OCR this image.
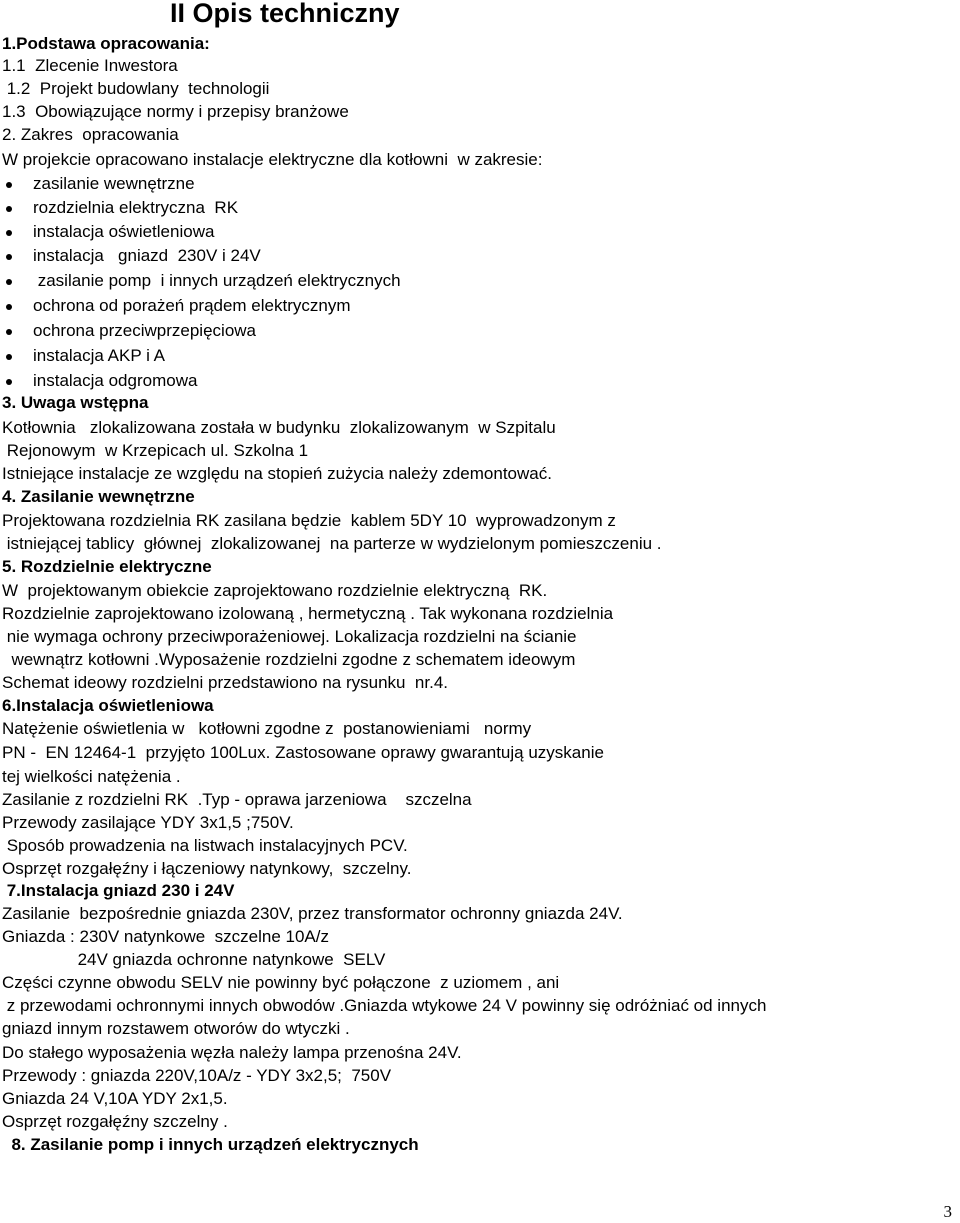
II Opis techniczny
1.Podstawa opracowania:
1.1  Zlecenie Inwestora
1.2  Projekt budowlany  technologii
1.3  Obowiązujące normy i przepisy branżowe
2. Zakres  opracowania
W projekcie opracowano instalacje elektryczne dla kotłowni  w zakresie:
zasilanie wewnętrzne
rozdzielnia elektryczna  RK
instalacja oświetleniowa
instalacja   gniazd  230V i 24V
zasilanie pomp  i innych urządzeń elektrycznych
ochrona od porażeń prądem elektrycznym
ochrona przeciwprzepięciowa
instalacja AKP i A
instalacja odgromowa
3. Uwaga wstępna
Kotłownia   zlokalizowana została w budynku  zlokalizowanym  w Szpitalu
Rejonowym  w Krzepicach ul. Szkolna 1
Istniejące instalacje ze względu na stopień zużycia należy zdemontować.
4. Zasilanie wewnętrzne
Projektowana rozdzielnia RK zasilana będzie  kablem 5DY 10  wyprowadzonym z
istniejącej tablicy  głównej  zlokalizowanej  na parterze w wydzielonym pomieszczeniu .
5. Rozdzielnie elektryczne
W  projektowanym obiekcie zaprojektowano rozdzielnie elektryczną  RK.
Rozdzielnie zaprojektowano izolowaną , hermetyczną . Tak wykonana rozdzielnia
nie wymaga ochrony przeciwporażeniowej. Lokalizacja rozdzielni na ścianie
wewnątrz kotłowni .Wyposażenie rozdzielni zgodne z schematem ideowym
Schemat ideowy rozdzielni przedstawiono na rysunku  nr.4.
6.Instalacja oświetleniowa
Natężenie oświetlenia w   kotłowni zgodne z  postanowieniami   normy
PN -  EN 12464-1  przyjęto 100Lux. Zastosowane oprawy gwarantują uzyskanie
tej wielkości natężenia .
Zasilanie z rozdzielni RK  .Typ - oprawa jarzeniowa    szczelna
Przewody zasilające YDY 3x1,5 ;750V.
Sposób prowadzenia na listwach instalacyjnych PCV.
Osprzęt rozgałęźny i łączeniowy natynkowy,  szczelny.
7.Instalacja gniazd 230 i 24V
Zasilanie  bezpośrednie gniazda 230V, przez transformator ochronny gniazda 24V.
Gniazda : 230V natynkowe  szczelne 10A/z
24V gniazda ochronne natynkowe  SELV
Części czynne obwodu SELV nie powinny być połączone  z uziomem , ani
z przewodami ochronnymi innych obwodów .Gniazda wtykowe 24 V powinny się odróżniać od innych
gniazd innym rozstawem otworów do wtyczki .
Do stałego wyposażenia węzła należy lampa przenośna 24V.
Przewody : gniazda 220V,10A/z - YDY 3x2,5;  750V
Gniazda 24 V,10A YDY 2x1,5.
Osprzęt rozgałęźny szczelny .
8. Zasilanie pomp i innych urządzeń elektrycznych
3
